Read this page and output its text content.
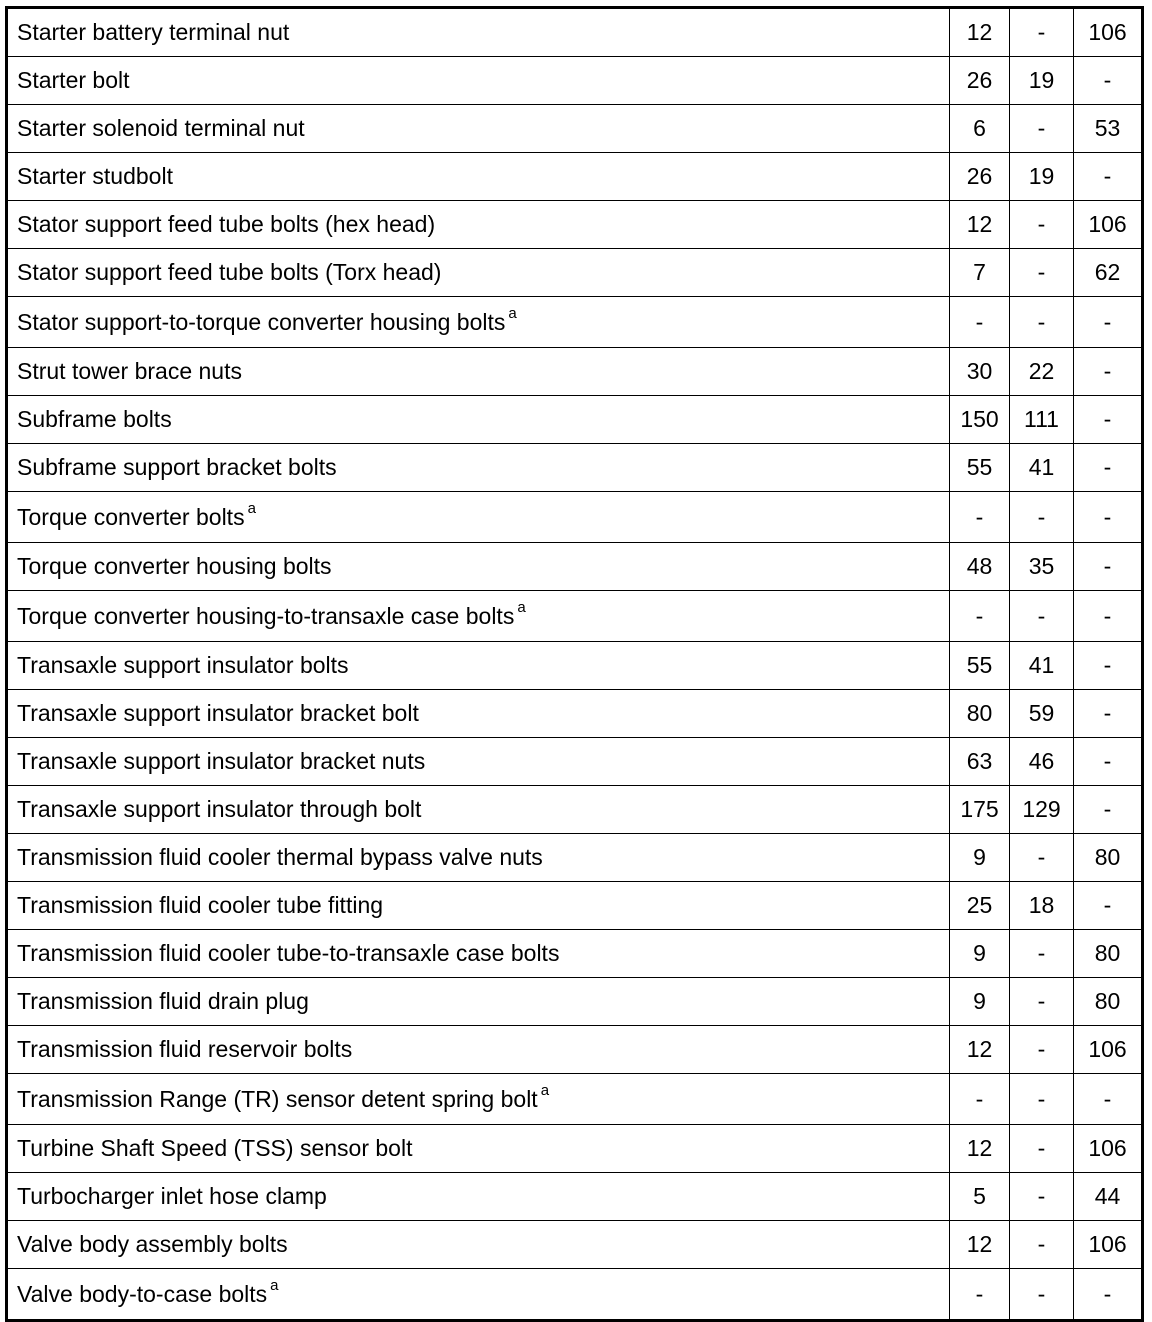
Starter battery terminal nut	12	-	106
Starter bolt	26	19	-
Starter solenoid terminal nut	6	-	53
Starter studbolt	26	19	-
Stator support feed tube bolts (hex head)	12	-	106
Stator support feed tube bolts (Torx head)	7	-	62
Stator support-to-torque converter housing bolts $^a$	-	-	-
Strut tower brace nuts	30	22	-
Subframe bolts	150	111	-
Subframe support bracket bolts	55	41	-
Torque converter bolts $^a$	-	-	-
Torque converter housing bolts	48	35	-
Torque converter housing-to-transaxle case bolts $^a$	-	-	-
Transaxle support insulator bolts	55	41	-
Transaxle support insulator bracket bolt	80	59	-
Transaxle support insulator bracket nuts	63	46	-
Transaxle support insulator through bolt	175	129	-
Transmission fluid cooler thermal bypass valve nuts	9	-	80
Transmission fluid cooler tube fitting	25	18	-
Transmission fluid cooler tube-to-transaxle case bolts	9	-	80
Transmission fluid drain plug	9	-	80
Transmission fluid reservoir bolts	12	-	106
Transmission Range (TR) sensor detent spring bolt $^a$	-	-	-
Turbine Shaft Speed (TSS) sensor bolt	12	-	106
Turbocharger inlet hose clamp	5	-	44
Valve body assembly bolts	12	-	106
Valve body-to-case bolts $^a$	-	-	-
